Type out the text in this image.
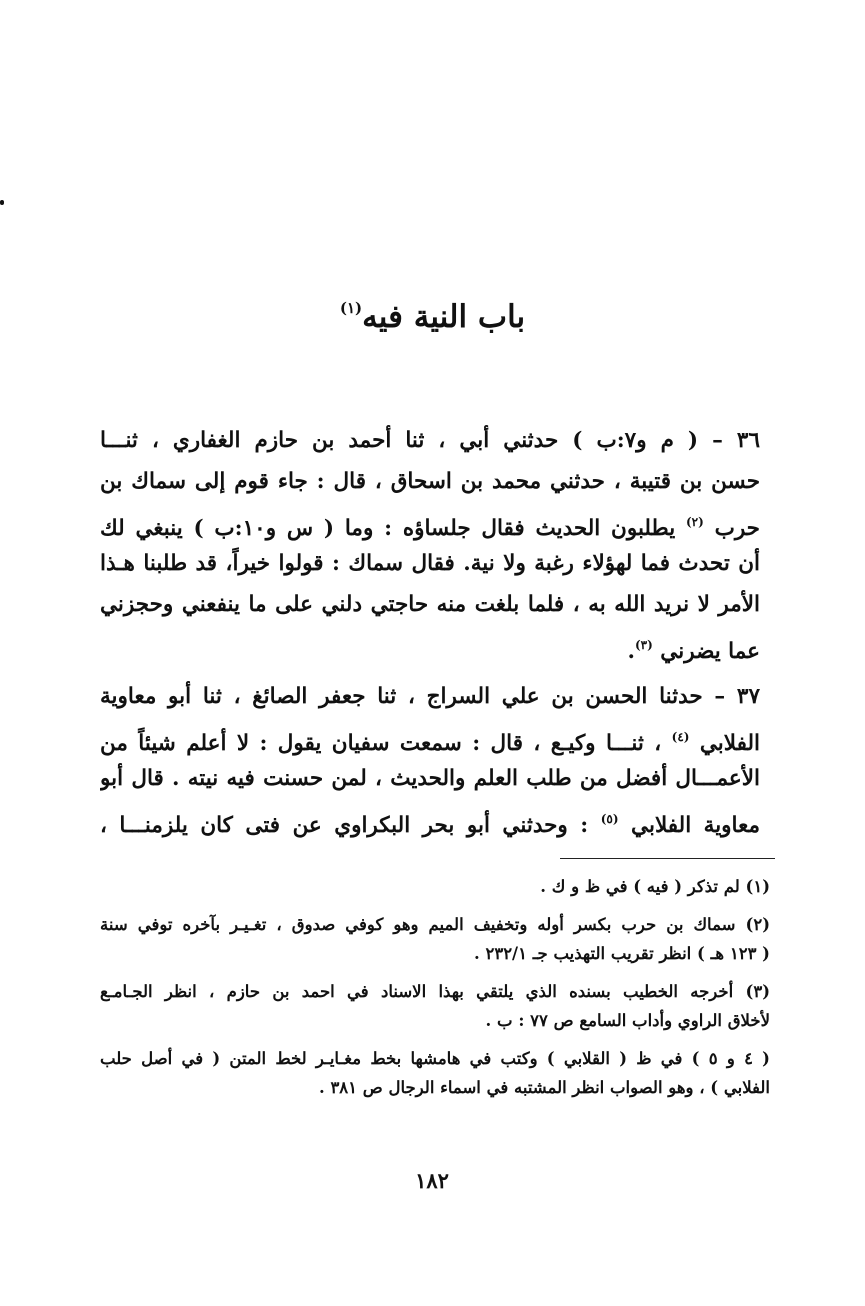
باب النية فيه$^{(١)}$
٣٦ – ( م و٧:ب ) حدثني أبي ، ثنا أحمد بن حازم الغفاري ، ثنـــا
حسن بن قتيبة ، حدثني محمد بن اسحاق ، قال : جاء قوم إلى سماك بن
حرب $^{(٢)}$ يطلبون الحديث فقال جلساؤه : وما ( س و١٠:ب ) ينبغي لك
أن تحدث فما لهؤلاء رغبة ولا نية. فقال سماك : قولوا خيراً، قد طلبنا هـذا
الأمر لا نريد الله به ، فلما بلغت منه حاجتي دلني على ما ينفعني وحجزني
عما يضرني $^{(٣)}$.
٣٧ – حدثنا الحسن بن علي السراج ، ثنا جعفر الصائغ ، ثنا أبو معاوية
الفلابي $^{(٤)}$ ، ثنـــا وكيـع ، قال : سمعت سفيان يقول : لا أعلم شيئاً من
الأعمـــال أفضل من طلب العلم والحديث ، لمن حسنت فيه نيته . قال أبو
معاوية الفلابي $^{(٥)}$ : وحدثني أبو بحر البكراوي عن فتى كان يلزمنـــا ،
(١) لم تذكر ( فيه ) في ظ و ك .
(٢) سماك بن حرب بكسر أوله وتخفيف الميم وهو كوفي صدوق ، تغـيـر بآخره توفي سنة
( ١٢٣ هـ ) انظر تقريب التهذيب جـ ٢٣٢/١ .
(٣) أخرجه الخطيب بسنده الذي يلتقي بهذا الاسناد في احمد بن حازم ، انظر الجـامـع
لأخلاق الراوي وأداب السامع ص ٧٧ : ب .
( ٤ و ٥ ) في ظ ( القلابي ) وكتب في هامشها بخط مغـايـر لخط المتن ( في أصل حلب
الفلابي ) ، وهو الصواب انظر المشتبه في اسماء الرجال ص ٣٨١ .
١٨٢
